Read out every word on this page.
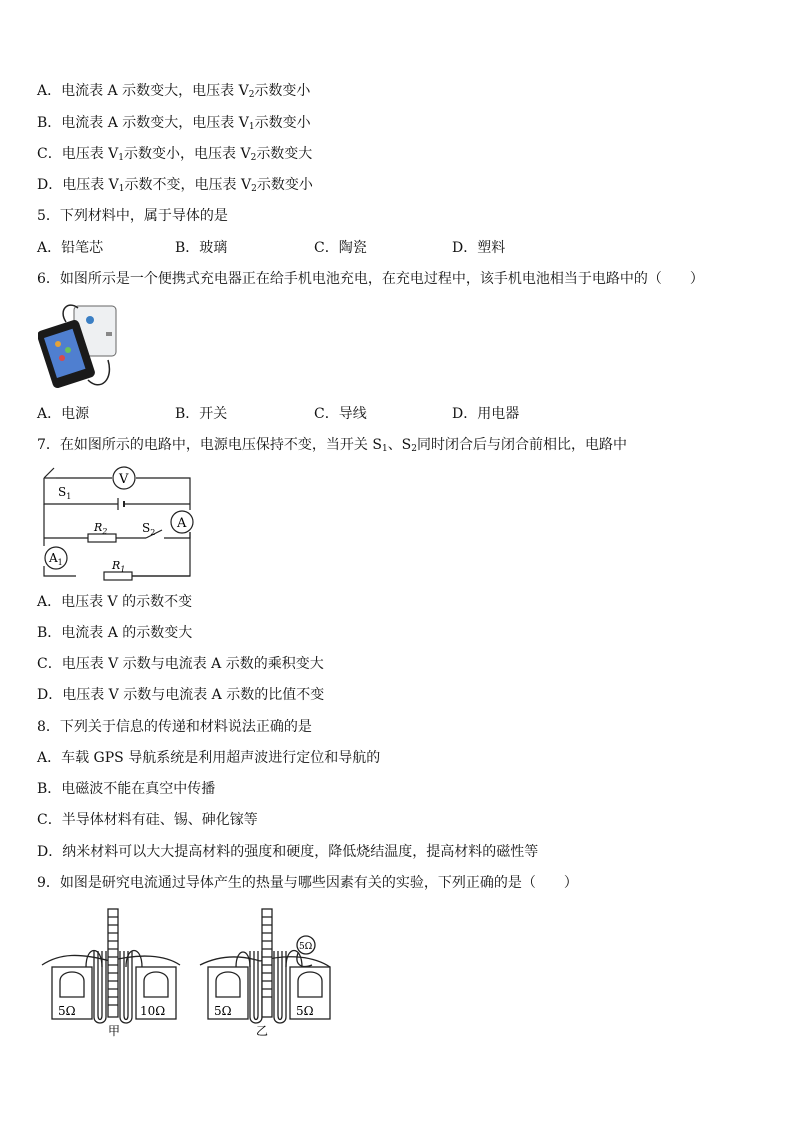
A．电流表 A 示数变大，电压表 $V_2$示数变小
B．电流表 A 示数变大，电压表 $V_1$示数变小
C．电压表 $V_1$示数变小，电压表 $V_2$示数变大
D．电压表 $V_1$示数不变，电压表 $V_2$示数变小
5．下列材料中，属于导体的是
A．铅笔芯	B．玻璃	C．陶瓷	D．塑料
6．如图所示是一个便携式充电器正在给手机电池充电，在充电过程中，该手机电池相当于电路中的（　　）
A．电源	B．开关	C．导线	D．用电器
7．在如图所示的电路中，电源电压保持不变，当开关 $S_1$、$S_2$同时闭合后与闭合前相比，电路中
V
A
$A_1$
$S_1$
$S_2$
$R_2$
$R_1$
A．电压表 V 的示数不变
B．电流表 A 的示数变大
C．电压表 V 示数与电流表 A 示数的乘积变大
D．电压表 V 示数与电流表 A 示数的比值不变
8．下列关于信息的传递和材料说法正确的是
A．车载 GPS 导航系统是利用超声波进行定位和导航的
B．电磁波不能在真空中传播
C．半导体材料有硅、锡、砷化镓等
D．纳米材料可以大大提高材料的强度和硬度，降低烧结温度，提高材料的磁性等
9．如图是研究电流通过导体产生的热量与哪些因素有关的实验，下列正确的是（　　）
5Ω	10Ω
甲
5Ω	5Ω
5Ω
乙
